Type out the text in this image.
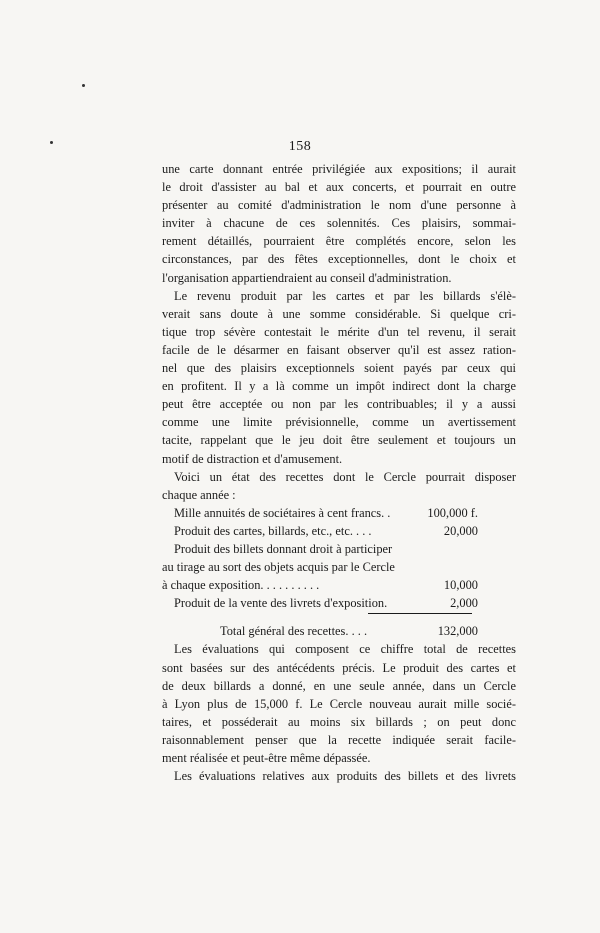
158
une carte donnant entrée privilégiée aux expositions; il aurait
le droit d'assister au bal et aux concerts, et pourrait en outre
présenter au comité d'administration le nom d'une personne à
inviter à chacune de ces solennités. Ces plaisirs, sommai-
rement détaillés, pourraient être complétés encore, selon les
circonstances, par des fêtes exceptionnelles, dont le choix et
l'organisation appartiendraient au conseil d'administration.
Le revenu produit par les cartes et par les billards s'élè-
verait sans doute à une somme considérable. Si quelque cri-
tique trop sévère contestait le mérite d'un tel revenu, il serait
facile de le désarmer en faisant observer qu'il est assez ration-
nel que des plaisirs exceptionnels soient payés par ceux qui
en profitent. Il y a là comme un impôt indirect dont la charge
peut être acceptée ou non par les contribuables; il y a aussi
comme une limite prévisionnelle, comme un avertissement
tacite, rappelant que le jeu doit être seulement et toujours un
motif de distraction et d'amusement.
Voici un état des recettes dont le Cercle pourrait disposer
chaque année :
Mille annuités de sociétaires à cent francs. .	100,000 f.
Produit des cartes, billards, etc., etc. . . .	20,000
Produit des billets donnant droit à participer
au tirage au sort des objets acquis par le Cercle
à chaque exposition. . . . . . . . . .	10,000
Produit de la vente des livrets d'exposition.	2,000
Total général des recettes. . . .	132,000
Les évaluations qui composent ce chiffre total de recettes
sont basées sur des antécédents précis. Le produit des cartes et
de deux billards a donné, en une seule année, dans un Cercle
à Lyon plus de 15,000 f. Le Cercle nouveau aurait mille socié-
taires, et posséderait au moins six billards ; on peut donc
raisonnablement penser que la recette indiquée serait facile-
ment réalisée et peut-être même dépassée.
Les évaluations relatives aux produits des billets et des livrets
